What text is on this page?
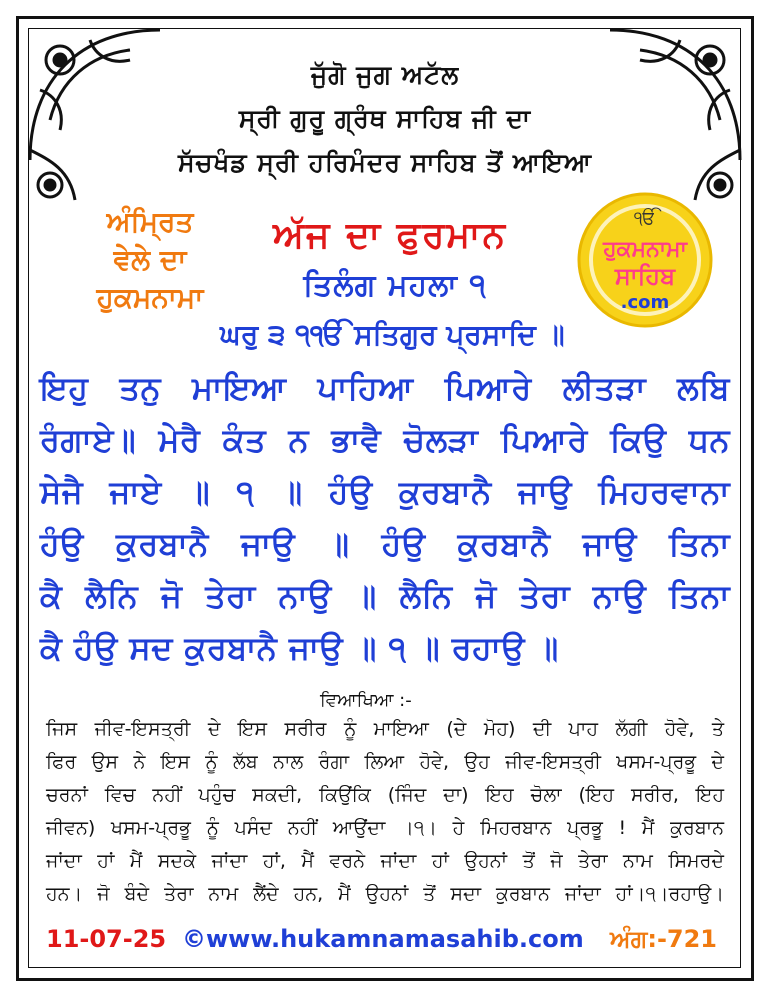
ਜੁੱਗੋ ਜੁਗ ਅਟੱਲ
ਸ੍ਰੀ ਗੁਰੂ ਗ੍ਰੰਥ ਸਾਹਿਬ ਜੀ ਦਾ
ਸੱਚਖੰਡ ਸ੍ਰੀ ਹਰਿਮੰਦਰ ਸਾਹਿਬ ਤੋਂ ਆਇਆ
ਅੰਮ੍ਰਿਤ
ਵੇਲੇ ਦਾ
ਹੁਕਮਨਾਮਾ
ਅੱਜ ਦਾ ਫੁਰਮਾਨ	ੴ
ਹੁਕਮਨਾਮਾ
ਸਾਹਿਬ
.com
ਤਿਲੰਗ ਮਹਲਾ ੧
ਘਰੁ ੩ ੧ੴ ਸਤਿਗੁਰ ਪ੍ਰਸਾਦਿ ॥
ਇਹੁ ਤਨੁ ਮਾਇਆ ਪਾਹਿਆ ਪਿਆਰੇ ਲੀਤੜਾ ਲਬਿ
ਰੰਗਾਏ॥ ਮੇਰੈ ਕੰਤ ਨ ਭਾਵੈ ਚੋਲੜਾ ਪਿਆਰੇ ਕਿਉ ਧਨ
ਸੇਜੈ ਜਾਏ ॥ ੧ ॥ ਹੰਉ ਕੁਰਬਾਨੈ ਜਾਉ ਮਿਹਰਵਾਨਾ
ਹੰਉ ਕੁਰਬਾਨੈ ਜਾਉ ॥ ਹੰਉ ਕੁਰਬਾਨੈ ਜਾਉ ਤਿਨਾ
ਕੈ ਲੈਨਿ ਜੋ ਤੇਰਾ ਨਾਉ ॥ ਲੈਨਿ ਜੋ ਤੇਰਾ ਨਾਉ ਤਿਨਾ
ਕੈ ਹੰਉ ਸਦ ਕੁਰਬਾਨੈ ਜਾਉ ॥ ੧ ॥ ਰਹਾਉ ॥
ਵਿਆਖਿਆ :-
ਜਿਸ ਜੀਵ-ਇਸਤ੍ਰੀ ਦੇ ਇਸ ਸਰੀਰ ਨੂੰ ਮਾਇਆ (ਦੇ ਮੋਹ) ਦੀ ਪਾਹ ਲੱਗੀ ਹੋਵੇ, ਤੇ
ਫਿਰ ਉਸ ਨੇ ਇਸ ਨੂੰ ਲੱਬ ਨਾਲ ਰੰਗਾ ਲਿਆ ਹੋਵੇ, ਉਹ ਜੀਵ-ਇਸਤ੍ਰੀ ਖਸਮ-ਪ੍ਰਭੂ ਦੇ
ਚਰਨਾਂ ਵਿਚ ਨਹੀਂ ਪਹੁੰਚ ਸਕਦੀ, ਕਿਉਂਕਿ (ਜਿੰਦ ਦਾ) ਇਹ ਚੋਲਾ (ਇਹ ਸਰੀਰ, ਇਹ
ਜੀਵਨ) ਖਸਮ-ਪ੍ਰਭੂ ਨੂੰ ਪਸੰਦ ਨਹੀਂ ਆਉਂਦਾ ।੧। ਹੇ ਮਿਹਰਬਾਨ ਪ੍ਰਭੂ ! ਮੈਂ ਕੁਰਬਾਨ
ਜਾਂਦਾ ਹਾਂ ਮੈਂ ਸਦਕੇ ਜਾਂਦਾ ਹਾਂ, ਮੈਂ ਵਰਨੇ ਜਾਂਦਾ ਹਾਂ ਉਹਨਾਂ ਤੋਂ ਜੋ ਤੇਰਾ ਨਾਮ ਸਿਮਰਦੇ
ਹਨ। ਜੋ ਬੰਦੇ ਤੇਰਾ ਨਾਮ ਲੈਂਦੇ ਹਨ, ਮੈਂ ਉਹਨਾਂ ਤੋਂ ਸਦਾ ਕੁਰਬਾਨ ਜਾਂਦਾ ਹਾਂ।੧।ਰਹਾਉ।
11-07-25 ©www.hukamnamasahib.com ਅੰਗ:-721
